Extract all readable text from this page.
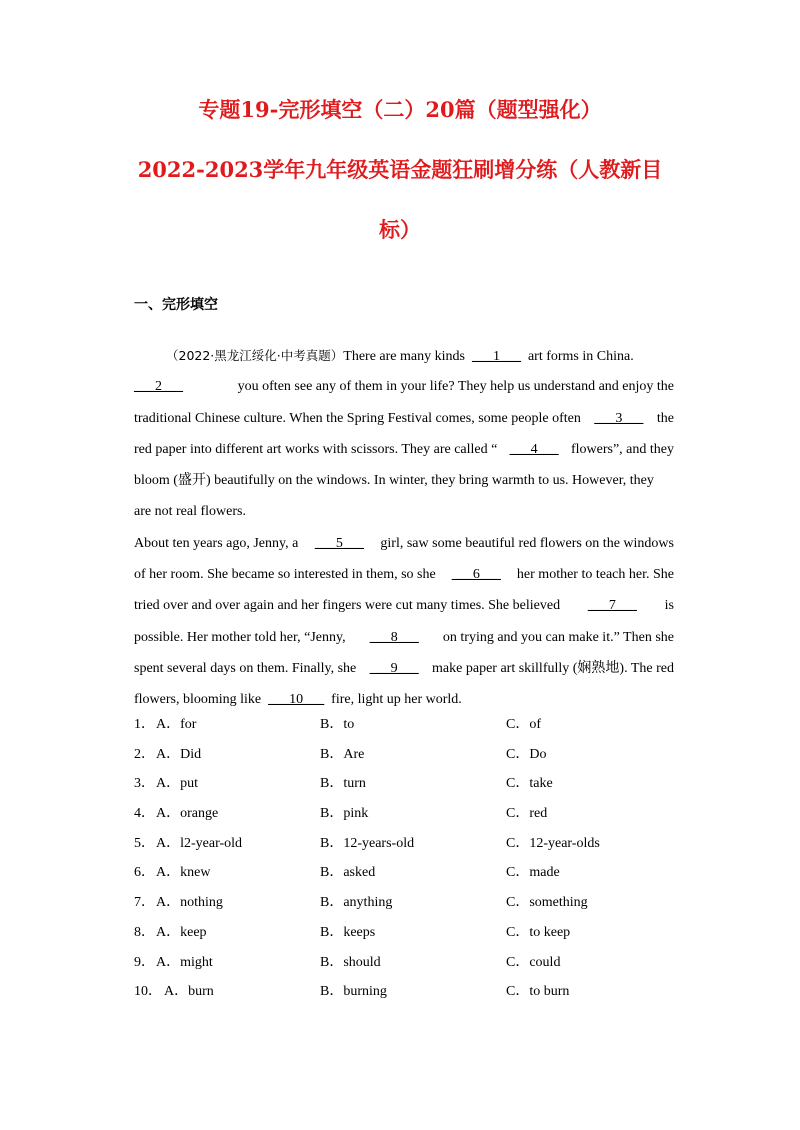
专题19-完形填空（二）20篇（题型强化）
2022-2023学年九年级英语金题狂刷增分练（人教新目
标）
一、完形填空
（2022·黑龙江绥化·中考真题）There are many kinds ___1___ art forms in China.
___2___	you often see any of them in your life? They help us understand and enjoy the
traditional Chinese culture. When the Spring Festival comes, some people often ___3___ the
red paper into different art works with scissors. They are called “ ___4___ flowers”, and they
bloom (盛开) beautifully on the windows. In winter, they bring warmth to us. However, they
are not real flowers.
About ten years ago, Jenny, a ___5___ girl, saw some beautiful red flowers on the windows
of her room. She became so interested in them, so she ___6___ her mother to teach her. She
tried over and over again and her fingers were cut many times. She believed ___7___ is
possible. Her mother told her, “Jenny, ___8___ on trying and you can make it.” Then she
spent several days on them. Finally, she ___9___ make paper art skillfully (娴熟地). The red
flowers, blooming like ___10___ fire, light up her world.
1． A．for	B．to	C．of
2． A．Did	B．Are	C．Do
3． A．put	B．turn	C．take
4． A．orange	B．pink	C．red
5． A．l2-year-old	B．12-years-old	C．12-year-olds
6． A．knew	B．asked	C．made
7． A．nothing	B．anything	C．something
8． A．keep	B．keeps	C．to keep
9． A．might	B．should	C．could
10． A．burn	B．burning	C．to burn
